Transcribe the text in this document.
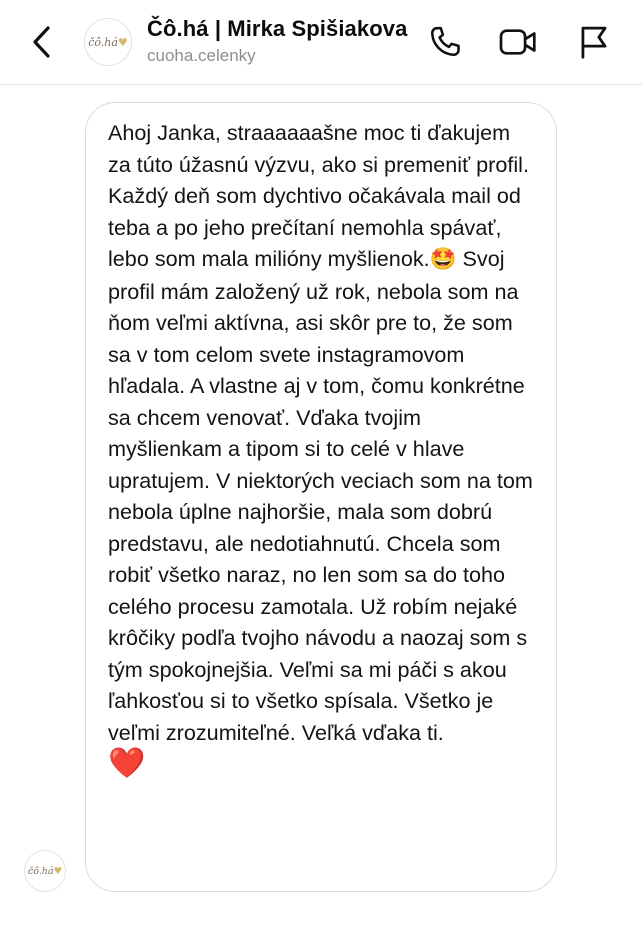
čô.há♥
Čô.há | Mirka Spišiakova
cuoha.celenky

Ahoj Janka, straaaaaašne moc ti ďakujem za túto úžasnú výzvu, ako si premeniť profil. Každý deň som dychtivo očakávala mail od teba a po jeho prečítaní nemohla spávať, lebo som mala milióny myšlienok.🤩 Svoj profil mám založený už rok, nebola som na ňom veľmi aktívna, asi skôr pre to, že som sa v tom celom svete instagramovom hľadala. A vlastne aj v tom, čomu konkrétne sa chcem venovať. Vďaka tvojim myšlienkam a tipom si to celé v hlave upratujem. V niektorých veciach som na tom nebola úplne najhoršie, mala som dobrú predstavu, ale nedotiahnutú. Chcela som robiť všetko naraz, no len som sa do toho celého procesu zamotala. Už robím nejaké krôčiky podľa tvojho návodu a naozaj som s tým spokojnejšia. Veľmi sa mi páči s akou ľahkosťou si to všetko spísala. Všetko je veľmi zrozumiteľné. Veľká vďaka ti.
❤️

čô.há♥
